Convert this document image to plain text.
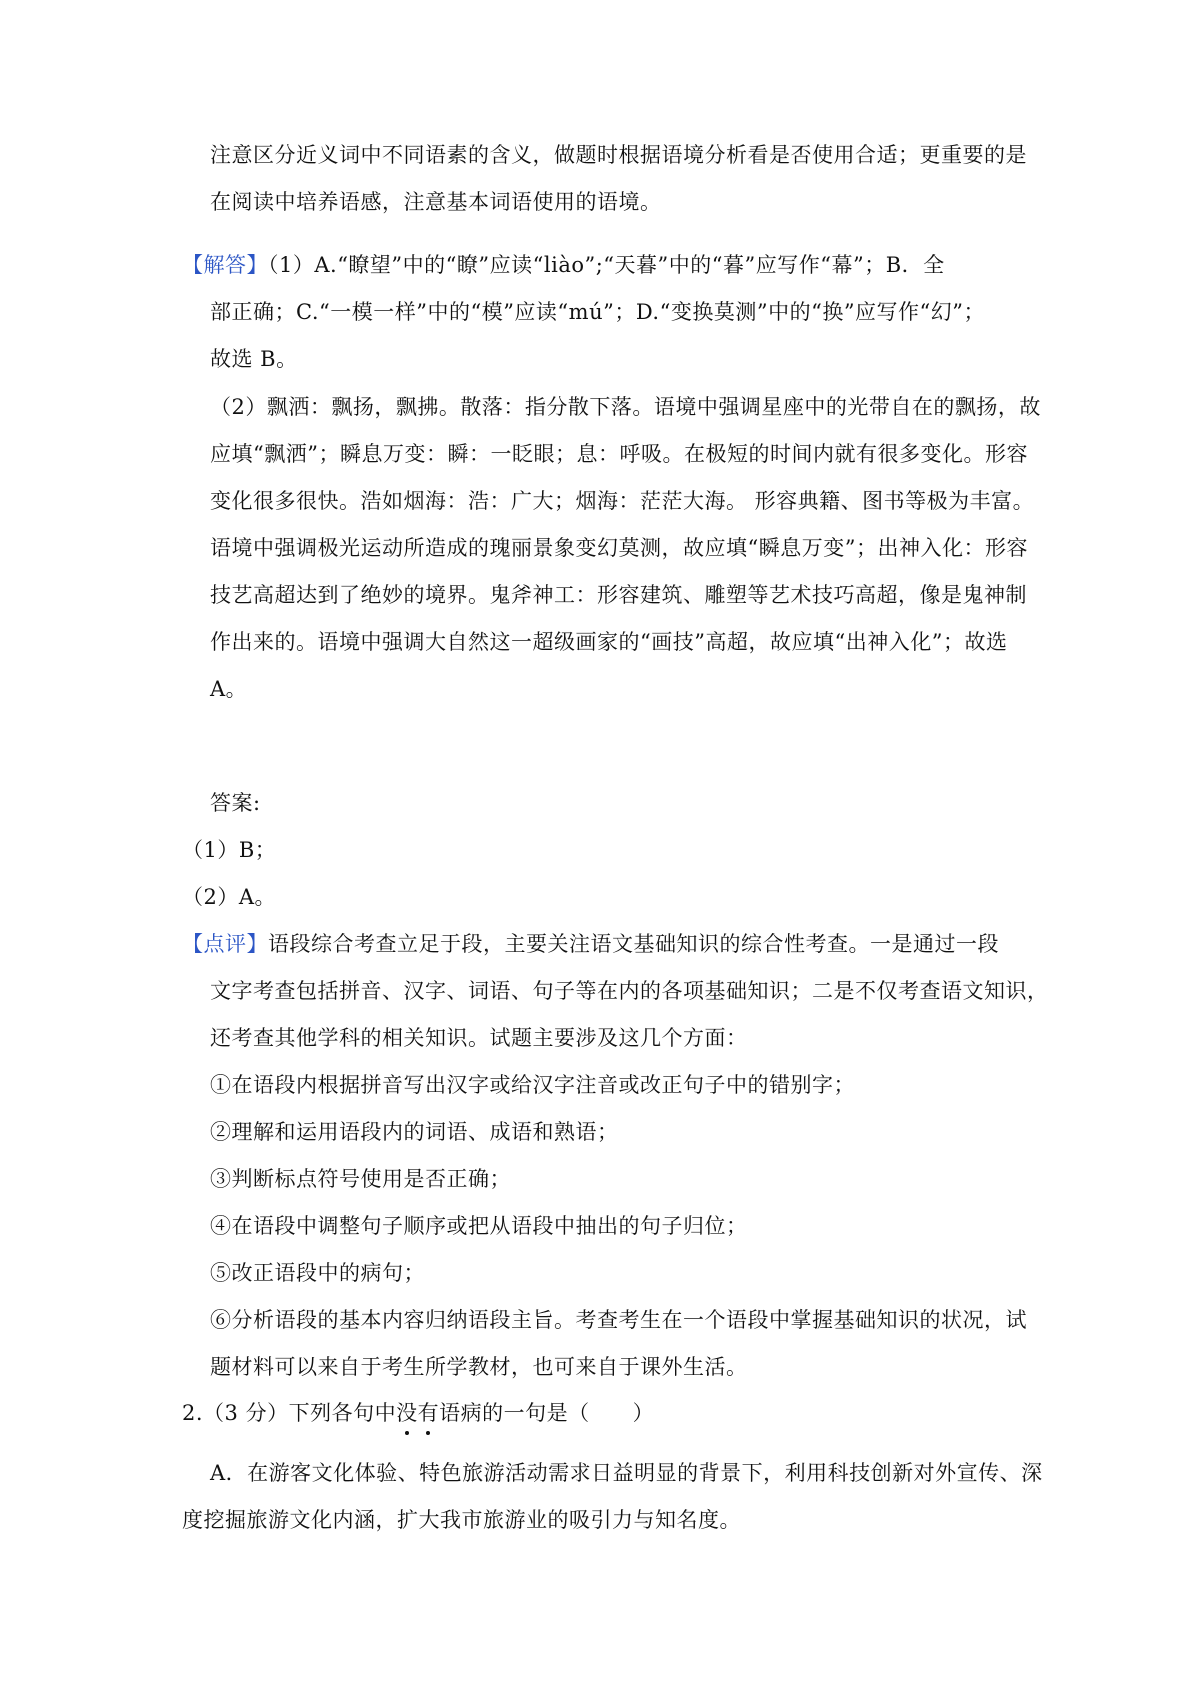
注意区分近义词中不同语素的含义，做题时根据语境分析看是否使用合适；更重要的是

在阅读中培养语感，注意基本词语使用的语境。

【解答】（1）A.“瞭望”中的“瞭”应读“liào”;“天暮”中的“暮”应写作“幕”；B．全

部正确；C.“一模一样”中的“模”应读“mú”；D.“变换莫测”中的“换”应写作“幻”；

故选 B。

（2）飘洒：飘扬，飘拂。散落：指分散下落。语境中强调星座中的光带自在的飘扬，故

应填“飘洒”；瞬息万变：瞬：一眨眼；息：呼吸。在极短的时间内就有很多变化。形容

变化很多很快。浩如烟海：浩：广大；烟海：茫茫大海。 形容典籍、图书等极为丰富。

语境中强调极光运动所造成的瑰丽景象变幻莫测，故应填“瞬息万变”；出神入化：形容

技艺高超达到了绝妙的境界。鬼斧神工：形容建筑、雕塑等艺术技巧高超，像是鬼神制

作出来的。语境中强调大自然这一超级画家的“画技”高超，故应填“出神入化”；故选

A。

答案:

（1）B；

（2）A。

【点评】语段综合考查立足于段，主要关注语文基础知识的综合性考查。一是通过一段

文字考查包括拼音、汉字、词语、句子等在内的各项基础知识；二是不仅考查语文知识，

还考查其他学科的相关知识。试题主要涉及这几个方面：

①在语段内根据拼音写出汉字或给汉字注音或改正句子中的错别字；

②理解和运用语段内的词语、成语和熟语；

③判断标点符号使用是否正确；

④在语段中调整句子顺序或把从语段中抽出的句子归位；

⑤改正语段中的病句；

⑥分析语段的基本内容归纳语段主旨。考查考生在一个语段中掌握基础知识的状况，试

题材料可以来自于考生所学教材，也可来自于课外生活。

2.（3 分）下列各句中没有语病的一句是（　　）

A．在游客文化体验、特色旅游活动需求日益明显的背景下，利用科技创新对外宣传、深

度挖掘旅游文化内涵，扩大我市旅游业的吸引力与知名度。
